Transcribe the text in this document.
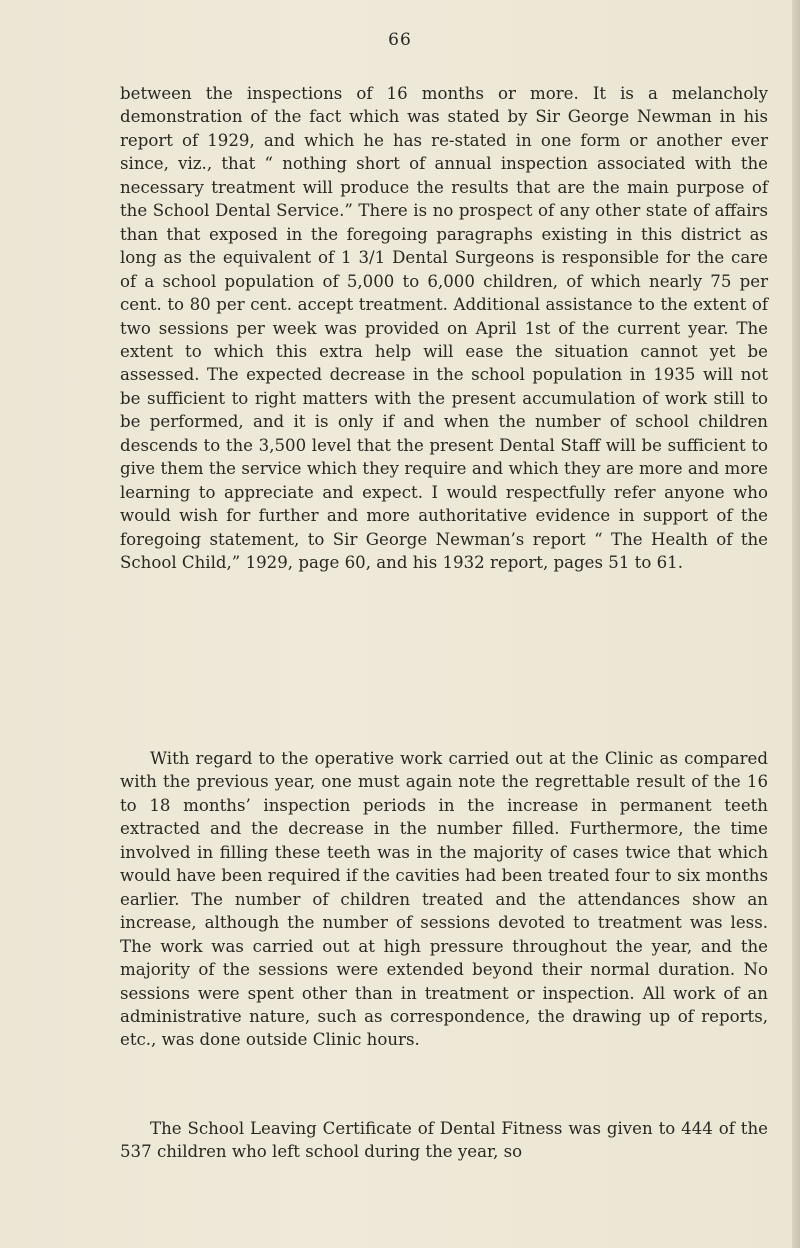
66
between the inspections of 16 months or more. It is a melancholy demonstration of the fact which was stated by Sir George Newman in his report of 1929, and which he has re-stated in one form or another ever since, viz., that “ nothing short of annual inspection associated with the necessary treatment will produce the results that are the main purpose of the School Dental Service.” There is no prospect of any other state of affairs than that exposed in the foregoing paragraphs existing in this district as long as the equivalent of 1 3/1 Dental Surgeons is responsible for the care of a school population of 5,000 to 6,000 children, of which nearly 75 per cent. to 80 per cent. accept treatment. Additional assistance to the extent of two sessions per week was provided on April 1st of the current year. The extent to which this extra help will ease the situation cannot yet be assessed. The expected decrease in the school population in 1935 will not be sufficient to right matters with the present accumulation of work still to be performed, and it is only if and when the number of school children descends to the 3,500 level that the present Dental Staff will be sufficient to give them the service which they require and which they are more and more learning to appreciate and expect. I would respectfully refer anyone who would wish for further and more authoritative evidence in support of the foregoing statement, to Sir George Newman’s report “ The Health of the School Child,” 1929, page 60, and his 1932 report, pages 51 to 61.
With regard to the operative work carried out at the Clinic as compared with the previous year, one must again note the regrettable result of the 16 to 18 months’ inspection periods in the increase in permanent teeth extracted and the decrease in the number filled. Furthermore, the time involved in filling these teeth was in the majority of cases twice that which would have been required if the cavities had been treated four to six months earlier. The number of children treated and the attendances show an increase, although the number of sessions devoted to treatment was less. The work was carried out at high pressure throughout the year, and the majority of the sessions were extended beyond their normal duration. No sessions were spent other than in treatment or inspection. All work of an administrative nature, such as correspondence, the drawing up of reports, etc., was done outside Clinic hours.
The School Leaving Certificate of Dental Fitness was given to 444 of the 537 children who left school during the year, so
